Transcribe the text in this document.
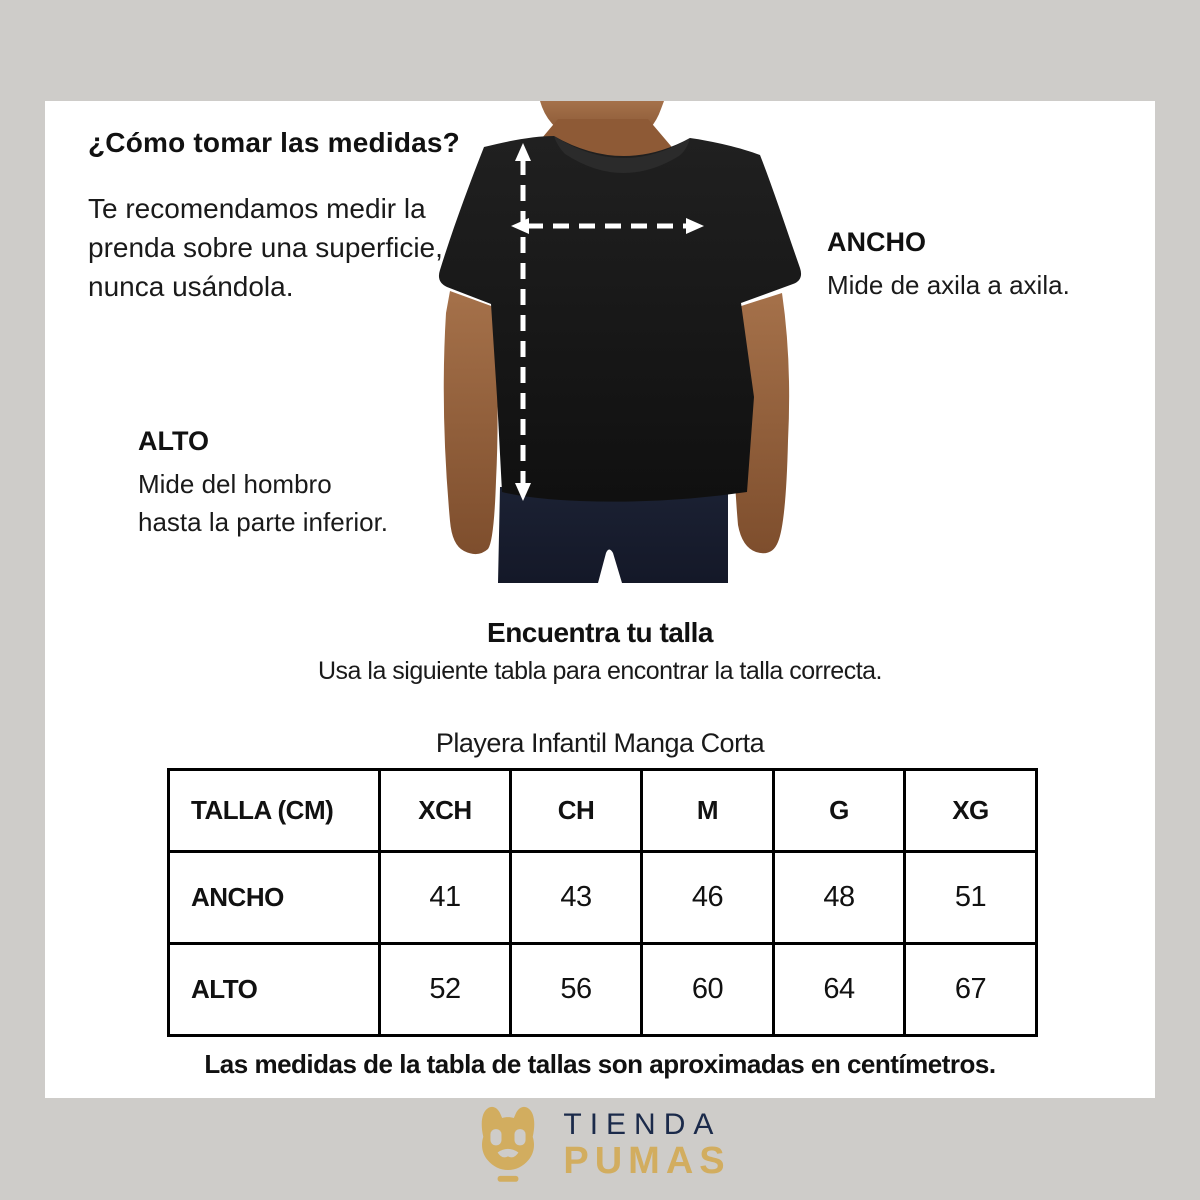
¿Cómo tomar las medidas?
Te recomendamos medir la
prenda sobre una superficie,
nunca usándola.
ANCHO
Mide de axila a axila.
ALTO
Mide del hombro
hasta la parte inferior.
Encuentra tu talla
Usa la siguiente tabla para encontrar la talla correcta.
Playera Infantil Manga Corta
TALLA (CM)	XCH	CH	M	G	XG
ANCHO	41	43	46	48	51
ALTO	52	56	60	64	67
Las medidas de la tabla de tallas son aproximadas en centímetros.
TIENDA
PUMAS
